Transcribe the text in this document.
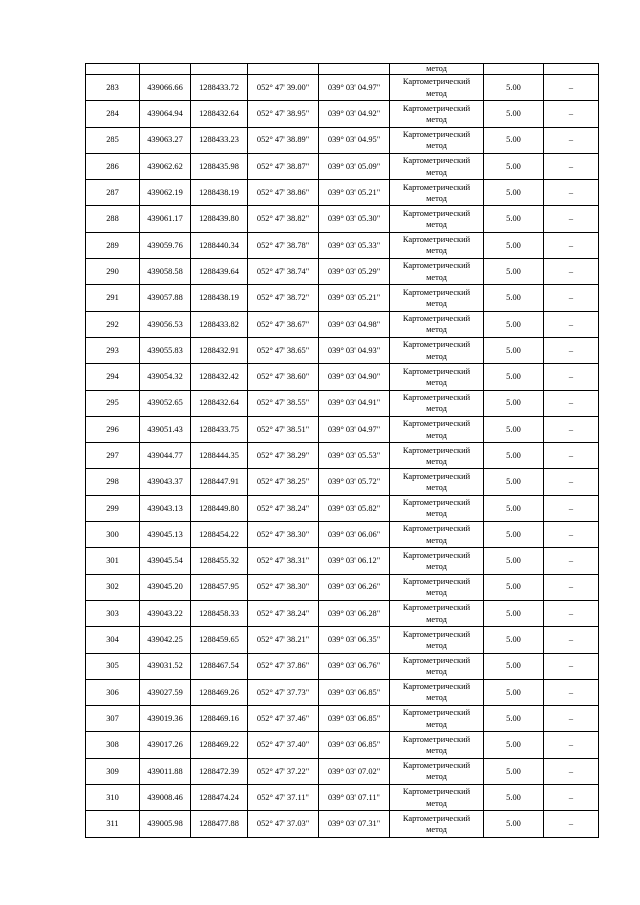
					метод		
283	439066.66	1288433.72	052° 47' 39.00"	039° 03' 04.97"	Картометрический
метод	5.00	–
284	439064.94	1288432.64	052° 47' 38.95"	039° 03' 04.92"	Картометрический
метод	5.00	–
285	439063.27	1288433.23	052° 47' 38.89"	039° 03' 04.95"	Картометрический
метод	5.00	–
286	439062.62	1288435.98	052° 47' 38.87"	039° 03' 05.09"	Картометрический
метод	5.00	–
287	439062.19	1288438.19	052° 47' 38.86"	039° 03' 05.21"	Картометрический
метод	5.00	–
288	439061.17	1288439.80	052° 47' 38.82"	039° 03' 05.30"	Картометрический
метод	5.00	–
289	439059.76	1288440.34	052° 47' 38.78"	039° 03' 05.33"	Картометрический
метод	5.00	–
290	439058.58	1288439.64	052° 47' 38.74"	039° 03' 05.29"	Картометрический
метод	5.00	–
291	439057.88	1288438.19	052° 47' 38.72"	039° 03' 05.21"	Картометрический
метод	5.00	–
292	439056.53	1288433.82	052° 47' 38.67"	039° 03' 04.98"	Картометрический
метод	5.00	–
293	439055.83	1288432.91	052° 47' 38.65"	039° 03' 04.93"	Картометрический
метод	5.00	–
294	439054.32	1288432.42	052° 47' 38.60"	039° 03' 04.90"	Картометрический
метод	5.00	–
295	439052.65	1288432.64	052° 47' 38.55"	039° 03' 04.91"	Картометрический
метод	5.00	–
296	439051.43	1288433.75	052° 47' 38.51"	039° 03' 04.97"	Картометрический
метод	5.00	–
297	439044.77	1288444.35	052° 47' 38.29"	039° 03' 05.53"	Картометрический
метод	5.00	–
298	439043.37	1288447.91	052° 47' 38.25"	039° 03' 05.72"	Картометрический
метод	5.00	–
299	439043.13	1288449.80	052° 47' 38.24"	039° 03' 05.82"	Картометрический
метод	5.00	–
300	439045.13	1288454.22	052° 47' 38.30"	039° 03' 06.06"	Картометрический
метод	5.00	–
301	439045.54	1288455.32	052° 47' 38.31"	039° 03' 06.12"	Картометрический
метод	5.00	–
302	439045.20	1288457.95	052° 47' 38.30"	039° 03' 06.26"	Картометрический
метод	5.00	–
303	439043.22	1288458.33	052° 47' 38.24"	039° 03' 06.28"	Картометрический
метод	5.00	–
304	439042.25	1288459.65	052° 47' 38.21"	039° 03' 06.35"	Картометрический
метод	5.00	–
305	439031.52	1288467.54	052° 47' 37.86"	039° 03' 06.76"	Картометрический
метод	5.00	–
306	439027.59	1288469.26	052° 47' 37.73"	039° 03' 06.85"	Картометрический
метод	5.00	–
307	439019.36	1288469.16	052° 47' 37.46"	039° 03' 06.85"	Картометрический
метод	5.00	–
308	439017.26	1288469.22	052° 47' 37.40"	039° 03' 06.85"	Картометрический
метод	5.00	–
309	439011.88	1288472.39	052° 47' 37.22"	039° 03' 07.02"	Картометрический
метод	5.00	–
310	439008.46	1288474.24	052° 47' 37.11"	039° 03' 07.11"	Картометрический
метод	5.00	–
311	439005.98	1288477.88	052° 47' 37.03"	039° 03' 07.31"	Картометрический
метод	5.00	–
